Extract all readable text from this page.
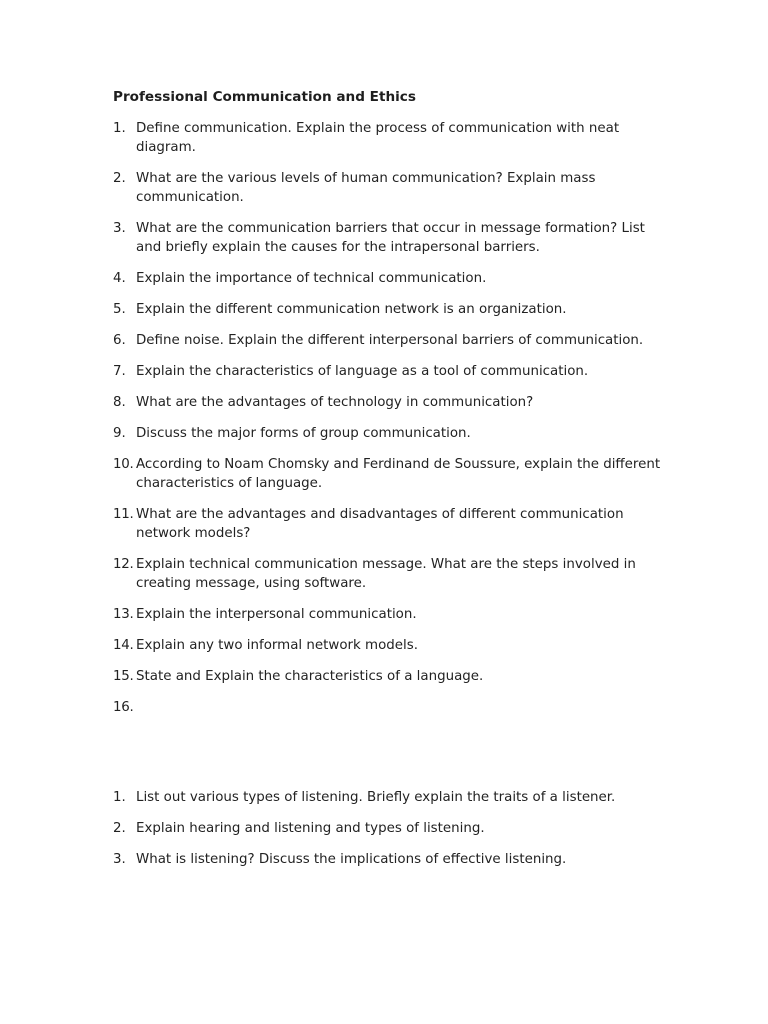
Professional Communication and Ethics
1. Define communication. Explain the process of communication with neat diagram.
2. What are the various levels of human communication? Explain mass communication.
3. What are the communication barriers that occur in message formation? List and briefly explain the causes for the intrapersonal barriers.
4. Explain the importance of technical communication.
5. Explain the different communication network is an organization.
6. Define noise. Explain the different interpersonal barriers of communication.
7. Explain the characteristics of language as a tool of communication.
8. What are the advantages of technology in communication?
9. Discuss the major forms of group communication.
10. According to Noam Chomsky and Ferdinand de Soussure, explain the different characteristics of language.
11. What are the advantages and disadvantages of different communication network models?
12. Explain technical communication message. What are the steps involved in creating message, using software.
13. Explain the interpersonal communication.
14. Explain any two informal network models.
15. State and Explain the characteristics of a language.
16.
1. List out various types of listening. Briefly explain the traits of a listener.
2. Explain hearing and listening and types of listening.
3. What is listening? Discuss the implications of effective listening.
